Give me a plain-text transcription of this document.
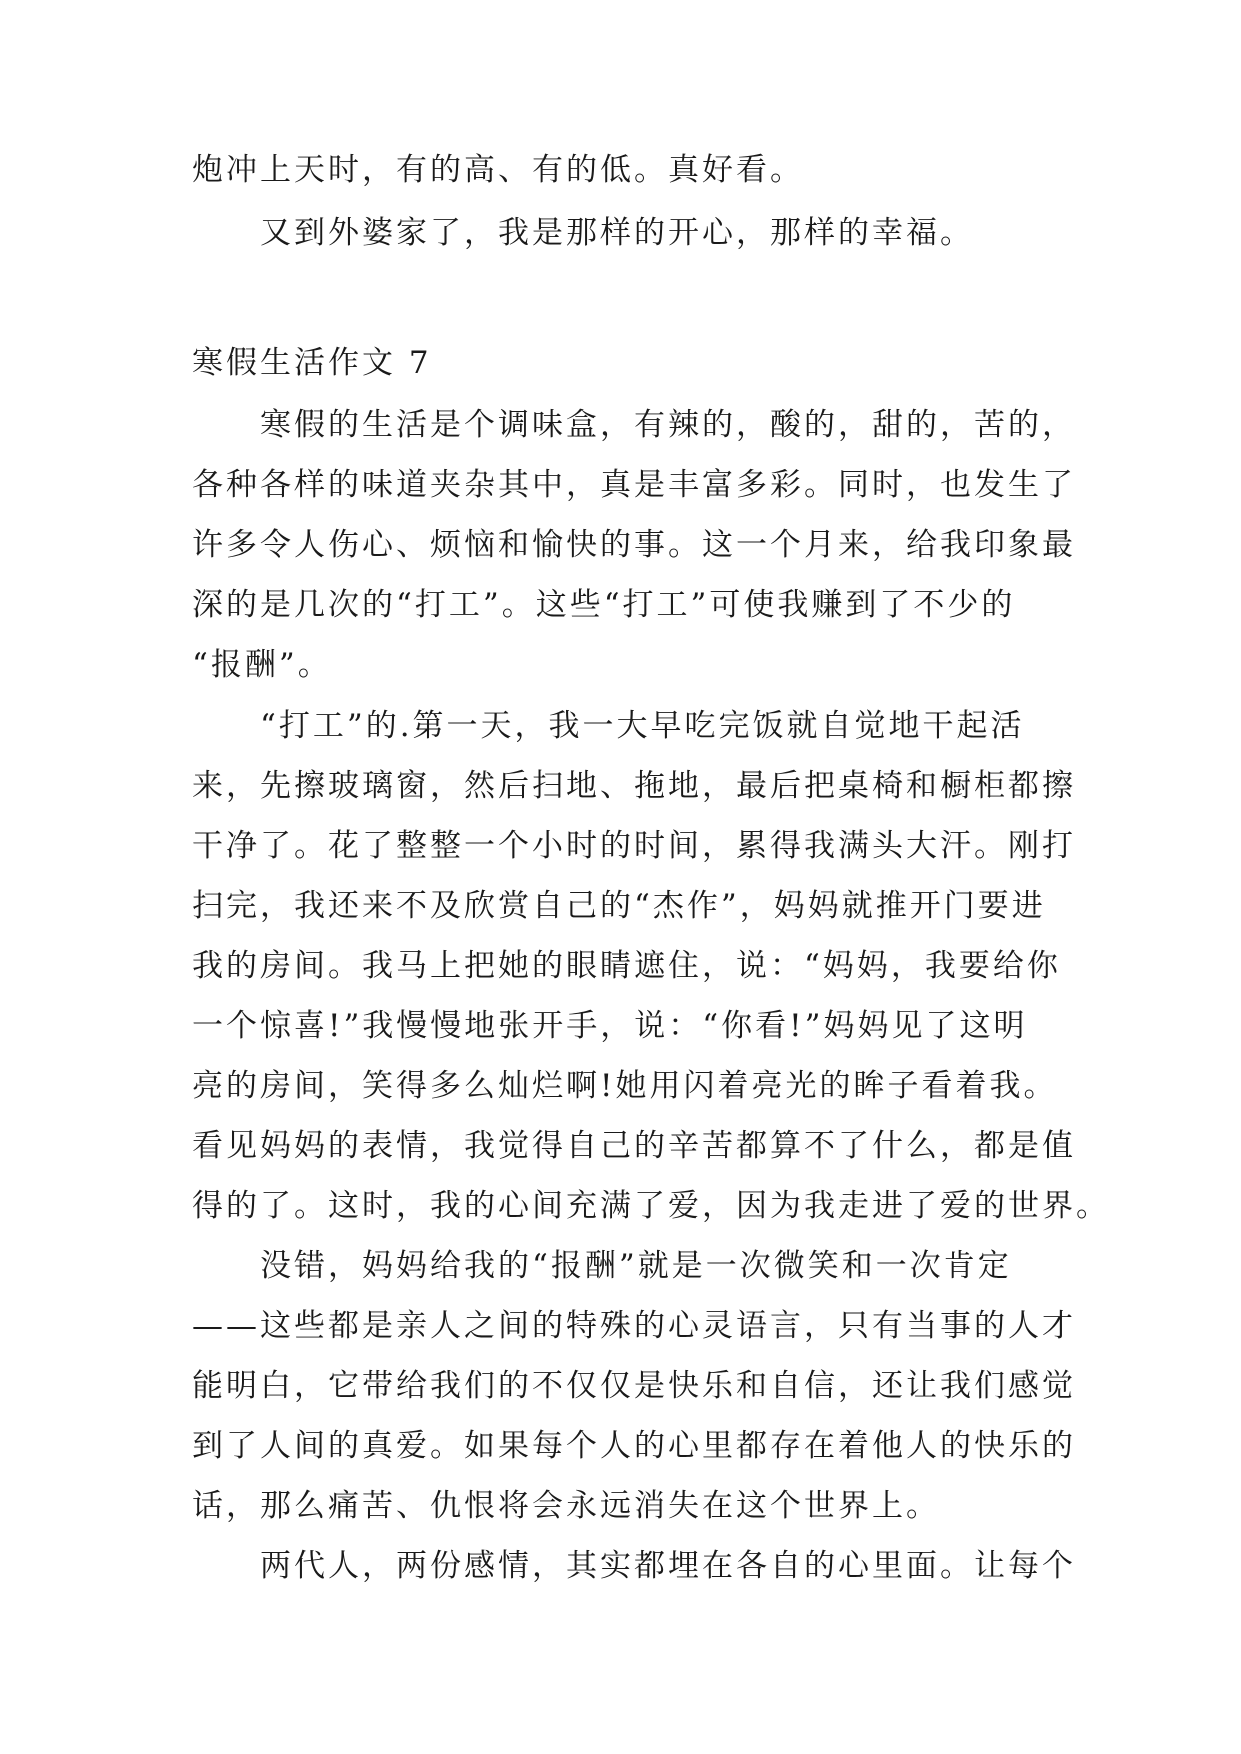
炮冲上天时，有的高、有的低。真好看。
　　又到外婆家了，我是那样的开心，那样的幸福。
寒假生活作文 7
　　寒假的生活是个调味盒，有辣的，酸的，甜的，苦的，
各种各样的味道夹杂其中，真是丰富多彩。同时，也发生了
许多令人伤心、烦恼和愉快的事。这一个月来，给我印象最
深的是几次的“打工”。这些“打工”可使我赚到了不少的
“报酬”。
　　“打工”的.第一天，我一大早吃完饭就自觉地干起活
来，先擦玻璃窗，然后扫地、拖地，最后把桌椅和橱柜都擦
干净了。花了整整一个小时的时间，累得我满头大汗。刚打
扫完，我还来不及欣赏自己的“杰作”，妈妈就推开门要进
我的房间。我马上把她的眼睛遮住，说：“妈妈，我要给你
一个惊喜!”我慢慢地张开手，说：“你看!”妈妈见了这明
亮的房间，笑得多么灿烂啊!她用闪着亮光的眸子看着我。
看见妈妈的表情，我觉得自己的辛苦都算不了什么，都是值
得的了。这时，我的心间充满了爱，因为我走进了爱的世界。
　　没错，妈妈给我的“报酬”就是一次微笑和一次肯定
——这些都是亲人之间的特殊的心灵语言，只有当事的人才
能明白，它带给我们的不仅仅是快乐和自信，还让我们感觉
到了人间的真爱。如果每个人的心里都存在着他人的快乐的
话，那么痛苦、仇恨将会永远消失在这个世界上。
　　两代人，两份感情，其实都埋在各自的心里面。让每个
